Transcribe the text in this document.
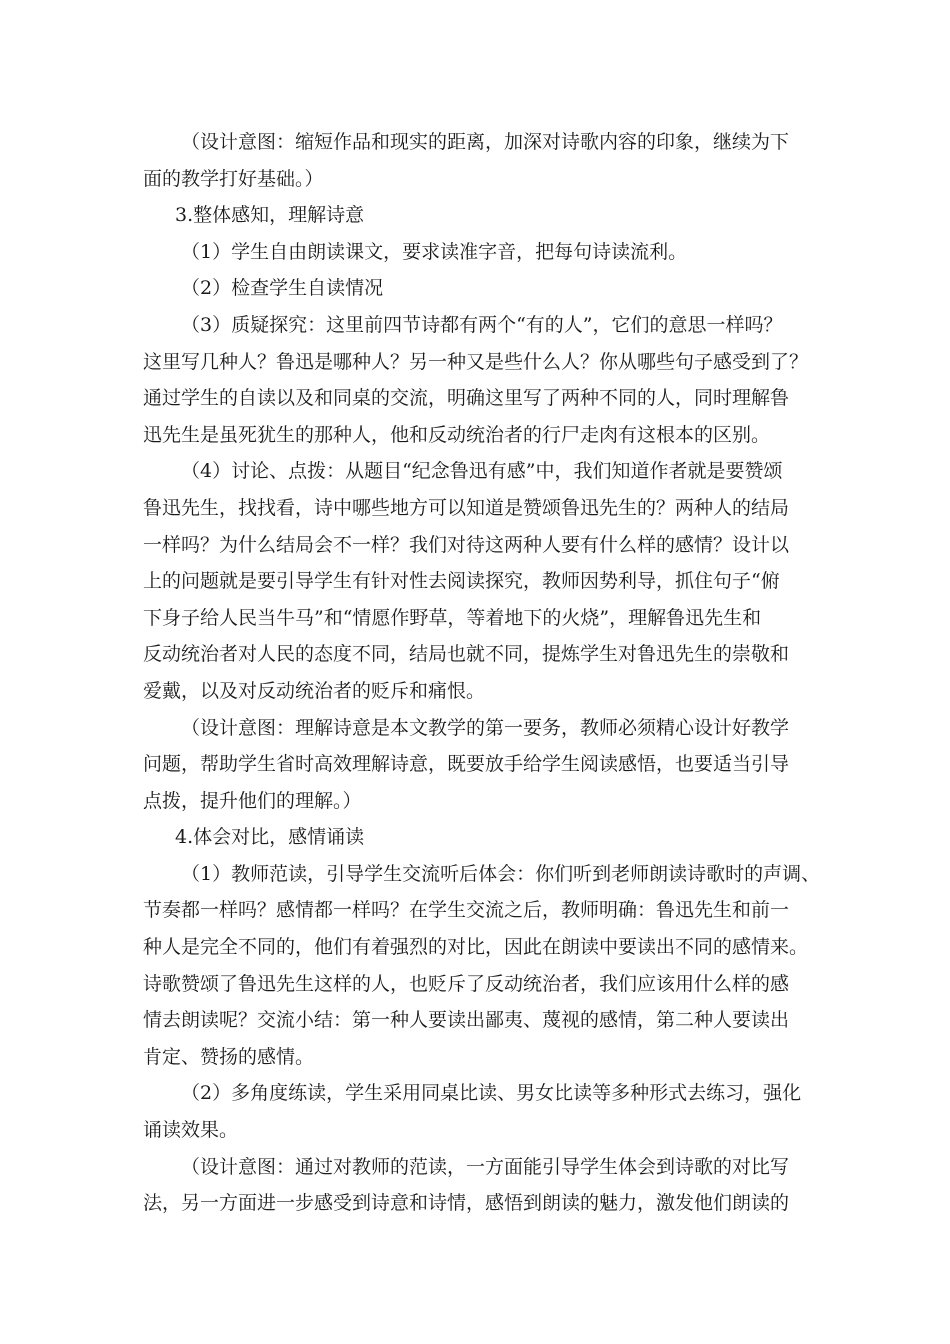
（设计意图：缩短作品和现实的距离，加深对诗歌内容的印象，继续为下
面的教学打好基础。）
3.整体感知，理解诗意
（1）学生自由朗读课文，要求读准字音，把每句诗读流利。
（2）检查学生自读情况
（3）质疑探究：这里前四节诗都有两个“有的人”，它们的意思一样吗？
这里写几种人？鲁迅是哪种人？另一种又是些什么人？你从哪些句子感受到了？
通过学生的自读以及和同桌的交流，明确这里写了两种不同的人，同时理解鲁
迅先生是虽死犹生的那种人，他和反动统治者的行尸走肉有这根本的区别。
（4）讨论、点拨：从题目“纪念鲁迅有感”中，我们知道作者就是要赞颂
鲁迅先生，找找看，诗中哪些地方可以知道是赞颂鲁迅先生的？两种人的结局
一样吗？为什么结局会不一样？我们对待这两种人要有什么样的感情？设计以
上的问题就是要引导学生有针对性去阅读探究，教师因势利导，抓住句子“俯
下身子给人民当牛马”和“情愿作野草，等着地下的火烧”，理解鲁迅先生和
反动统治者对人民的态度不同，结局也就不同，提炼学生对鲁迅先生的崇敬和
爱戴，以及对反动统治者的贬斥和痛恨。
（设计意图：理解诗意是本文教学的第一要务，教师必须精心设计好教学
问题，帮助学生省时高效理解诗意，既要放手给学生阅读感悟，也要适当引导
点拨，提升他们的理解。）
4.体会对比，感情诵读
（1）教师范读，引导学生交流听后体会：你们听到老师朗读诗歌时的声调、
节奏都一样吗？感情都一样吗？在学生交流之后，教师明确：鲁迅先生和前一
种人是完全不同的，他们有着强烈的对比，因此在朗读中要读出不同的感情来。
诗歌赞颂了鲁迅先生这样的人，也贬斥了反动统治者，我们应该用什么样的感
情去朗读呢？交流小结：第一种人要读出鄙夷、蔑视的感情，第二种人要读出
肯定、赞扬的感情。
（2）多角度练读，学生采用同桌比读、男女比读等多种形式去练习，强化
诵读效果。
（设计意图：通过对教师的范读，一方面能引导学生体会到诗歌的对比写
法，另一方面进一步感受到诗意和诗情，感悟到朗读的魅力，激发他们朗读的
